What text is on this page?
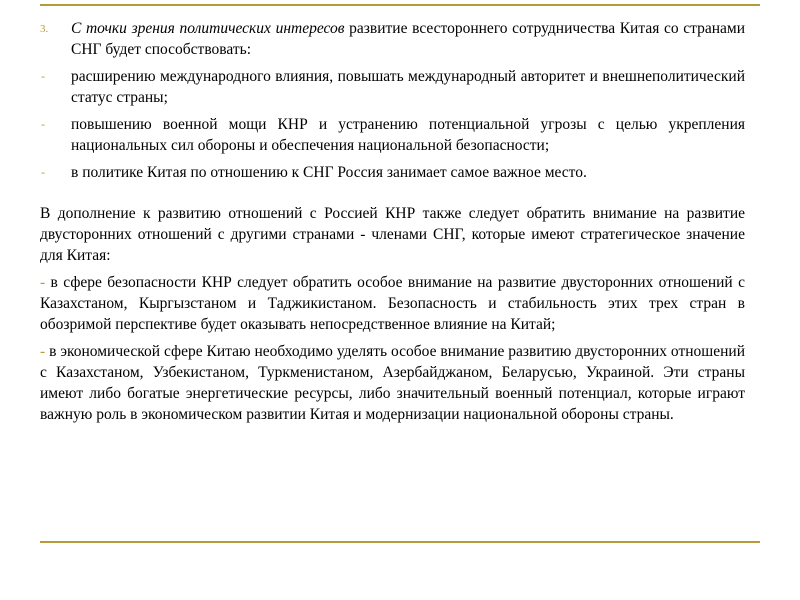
3. С точки зрения политических интересов развитие всестороннего сотрудничества Китая со странами СНГ будет способствовать:
- расширению международного влияния, повышать международный авторитет и внешнеполитический статус страны;
- повышению военной мощи КНР и устранению потенциальной угрозы с целью укрепления национальных сил обороны и обеспечения национальной безопасности;
- в политике Китая по отношению к СНГ Россия занимает самое важное место.

В дополнение к развитию отношений с Россией КНР также следует обратить внимание на развитие двусторонних отношений с другими странами - членами СНГ, которые имеют стратегическое значение для Китая:

- в сфере безопасности КНР следует обратить особое внимание на развитие двусторонних отношений с Казахстаном, Кыргызстаном и Таджикистаном. Безопасность и стабильность этих трех стран в обозримой перспективе будет оказывать непосредственное влияние на Китай;

- в экономической сфере Китаю необходимо уделять особое внимание развитию двусторонних отношений с Казахстаном, Узбекистаном, Туркменистаном, Азербайджаном, Беларусью, Украиной. Эти страны имеют либо богатые энергетические ресурсы, либо значительный военный потенциал, которые играют важную роль в экономическом развитии Китая и модернизации национальной обороны страны.
